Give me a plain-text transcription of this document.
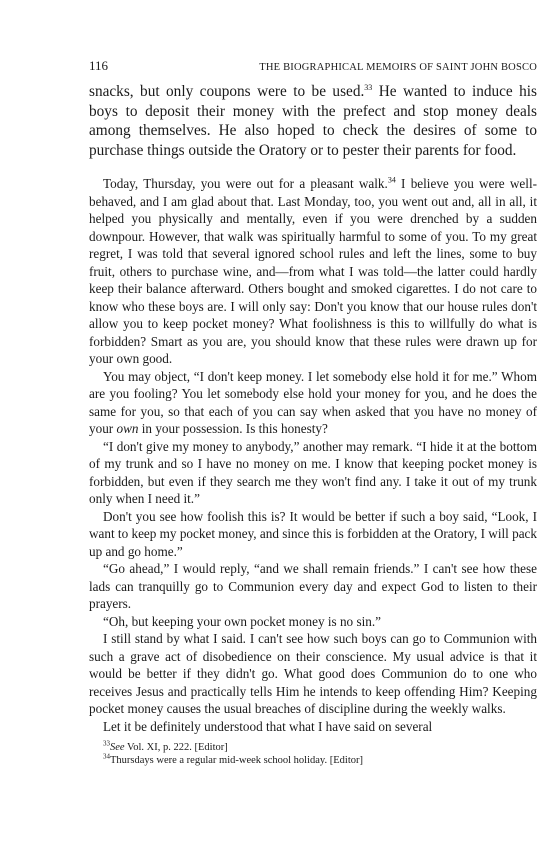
116	THE BIOGRAPHICAL MEMOIRS OF SAINT JOHN BOSCO

snacks, but only coupons were to be used.$^{33}$ He wanted to induce his boys to deposit their money with the prefect and stop money deals among themselves. He also hoped to check the desires of some to purchase things outside the Oratory or to pester their parents for food.

Today, Thursday, you were out for a pleasant walk.$^{34}$ I believe you were well-behaved, and I am glad about that. Last Monday, too, you went out and, all in all, it helped you physically and mentally, even if you were drenched by a sudden downpour. However, that walk was spiritually harmful to some of you. To my great regret, I was told that several ignored school rules and left the lines, some to buy fruit, others to purchase wine, and—from what I was told—the latter could hardly keep their balance afterward. Others bought and smoked cigarettes. I do not care to know who these boys are. I will only say: Don't you know that our house rules don't allow you to keep pocket money? What foolishness is this to willfully do what is forbidden? Smart as you are, you should know that these rules were drawn up for your own good.

You may object, “I don't keep money. I let somebody else hold it for me.” Whom are you fooling? You let somebody else hold your money for you, and he does the same for you, so that each of you can say when asked that you have no money of your own in your possession. Is this honesty?

“I don't give my money to anybody,” another may remark. “I hide it at the bottom of my trunk and so I have no money on me. I know that keeping pocket money is forbidden, but even if they search me they won't find any. I take it out of my trunk only when I need it.”

Don't you see how foolish this is? It would be better if such a boy said, “Look, I want to keep my pocket money, and since this is forbidden at the Oratory, I will pack up and go home.”

“Go ahead,” I would reply, “and we shall remain friends.” I can't see how these lads can tranquilly go to Communion every day and expect God to listen to their prayers.

“Oh, but keeping your own pocket money is no sin.”

I still stand by what I said. I can't see how such boys can go to Communion with such a grave act of disobedience on their conscience. My usual advice is that it would be better if they didn't go. What good does Communion do to one who receives Jesus and practically tells Him he intends to keep offending Him? Keeping pocket money causes the usual breaches of discipline during the weekly walks.

Let it be definitely understood that what I have said on several

$^{33}$See Vol. XI, p. 222. [Editor]
$^{34}$Thursdays were a regular mid-week school holiday. [Editor]
